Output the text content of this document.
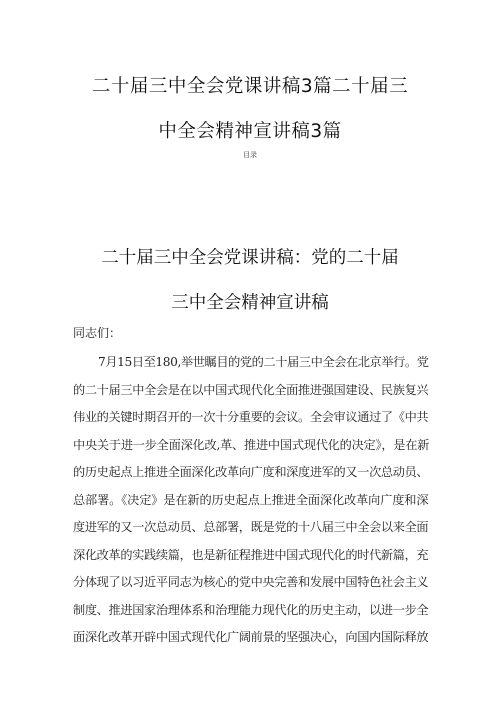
二十届三中全会党课讲稿3篇二十届三
中全会精神宣讲稿3篇
目录
二十届三中全会党课讲稿：党的二十届
三中全会精神宣讲稿
同志们：
7月15日至180,举世瞩目的党的二十届三中全会在北京举行。党
的二十届三中全会是在以中国式现代化全面推进强国建设、民族复兴
伟业的关键时期召开的一次十分重要的会议。全会审议通过了《中共
中央关于进一步全面深化改,革、推进中国式现代化的决定》，是在新
的历史起点上推进全面深化改革向广度和深度进军的又一次总动员、
总部署。《决定》是在新的历史起点上推进全面深化改革向广度和深
度进军的又一次总动员、总部署，既是党的十八届三中全会以来全面
深化改革的实践续篇，也是新征程推进中国式现代化的时代新篇，充
分体现了以习近平同志为核心的党中央完善和发展中国特色社会主义
制度、推进国家治理体系和治理能力现代化的历史主动，以进一步全
面深化改革开辟中国式现代化广阔前景的坚强决心，向国内国际释放
